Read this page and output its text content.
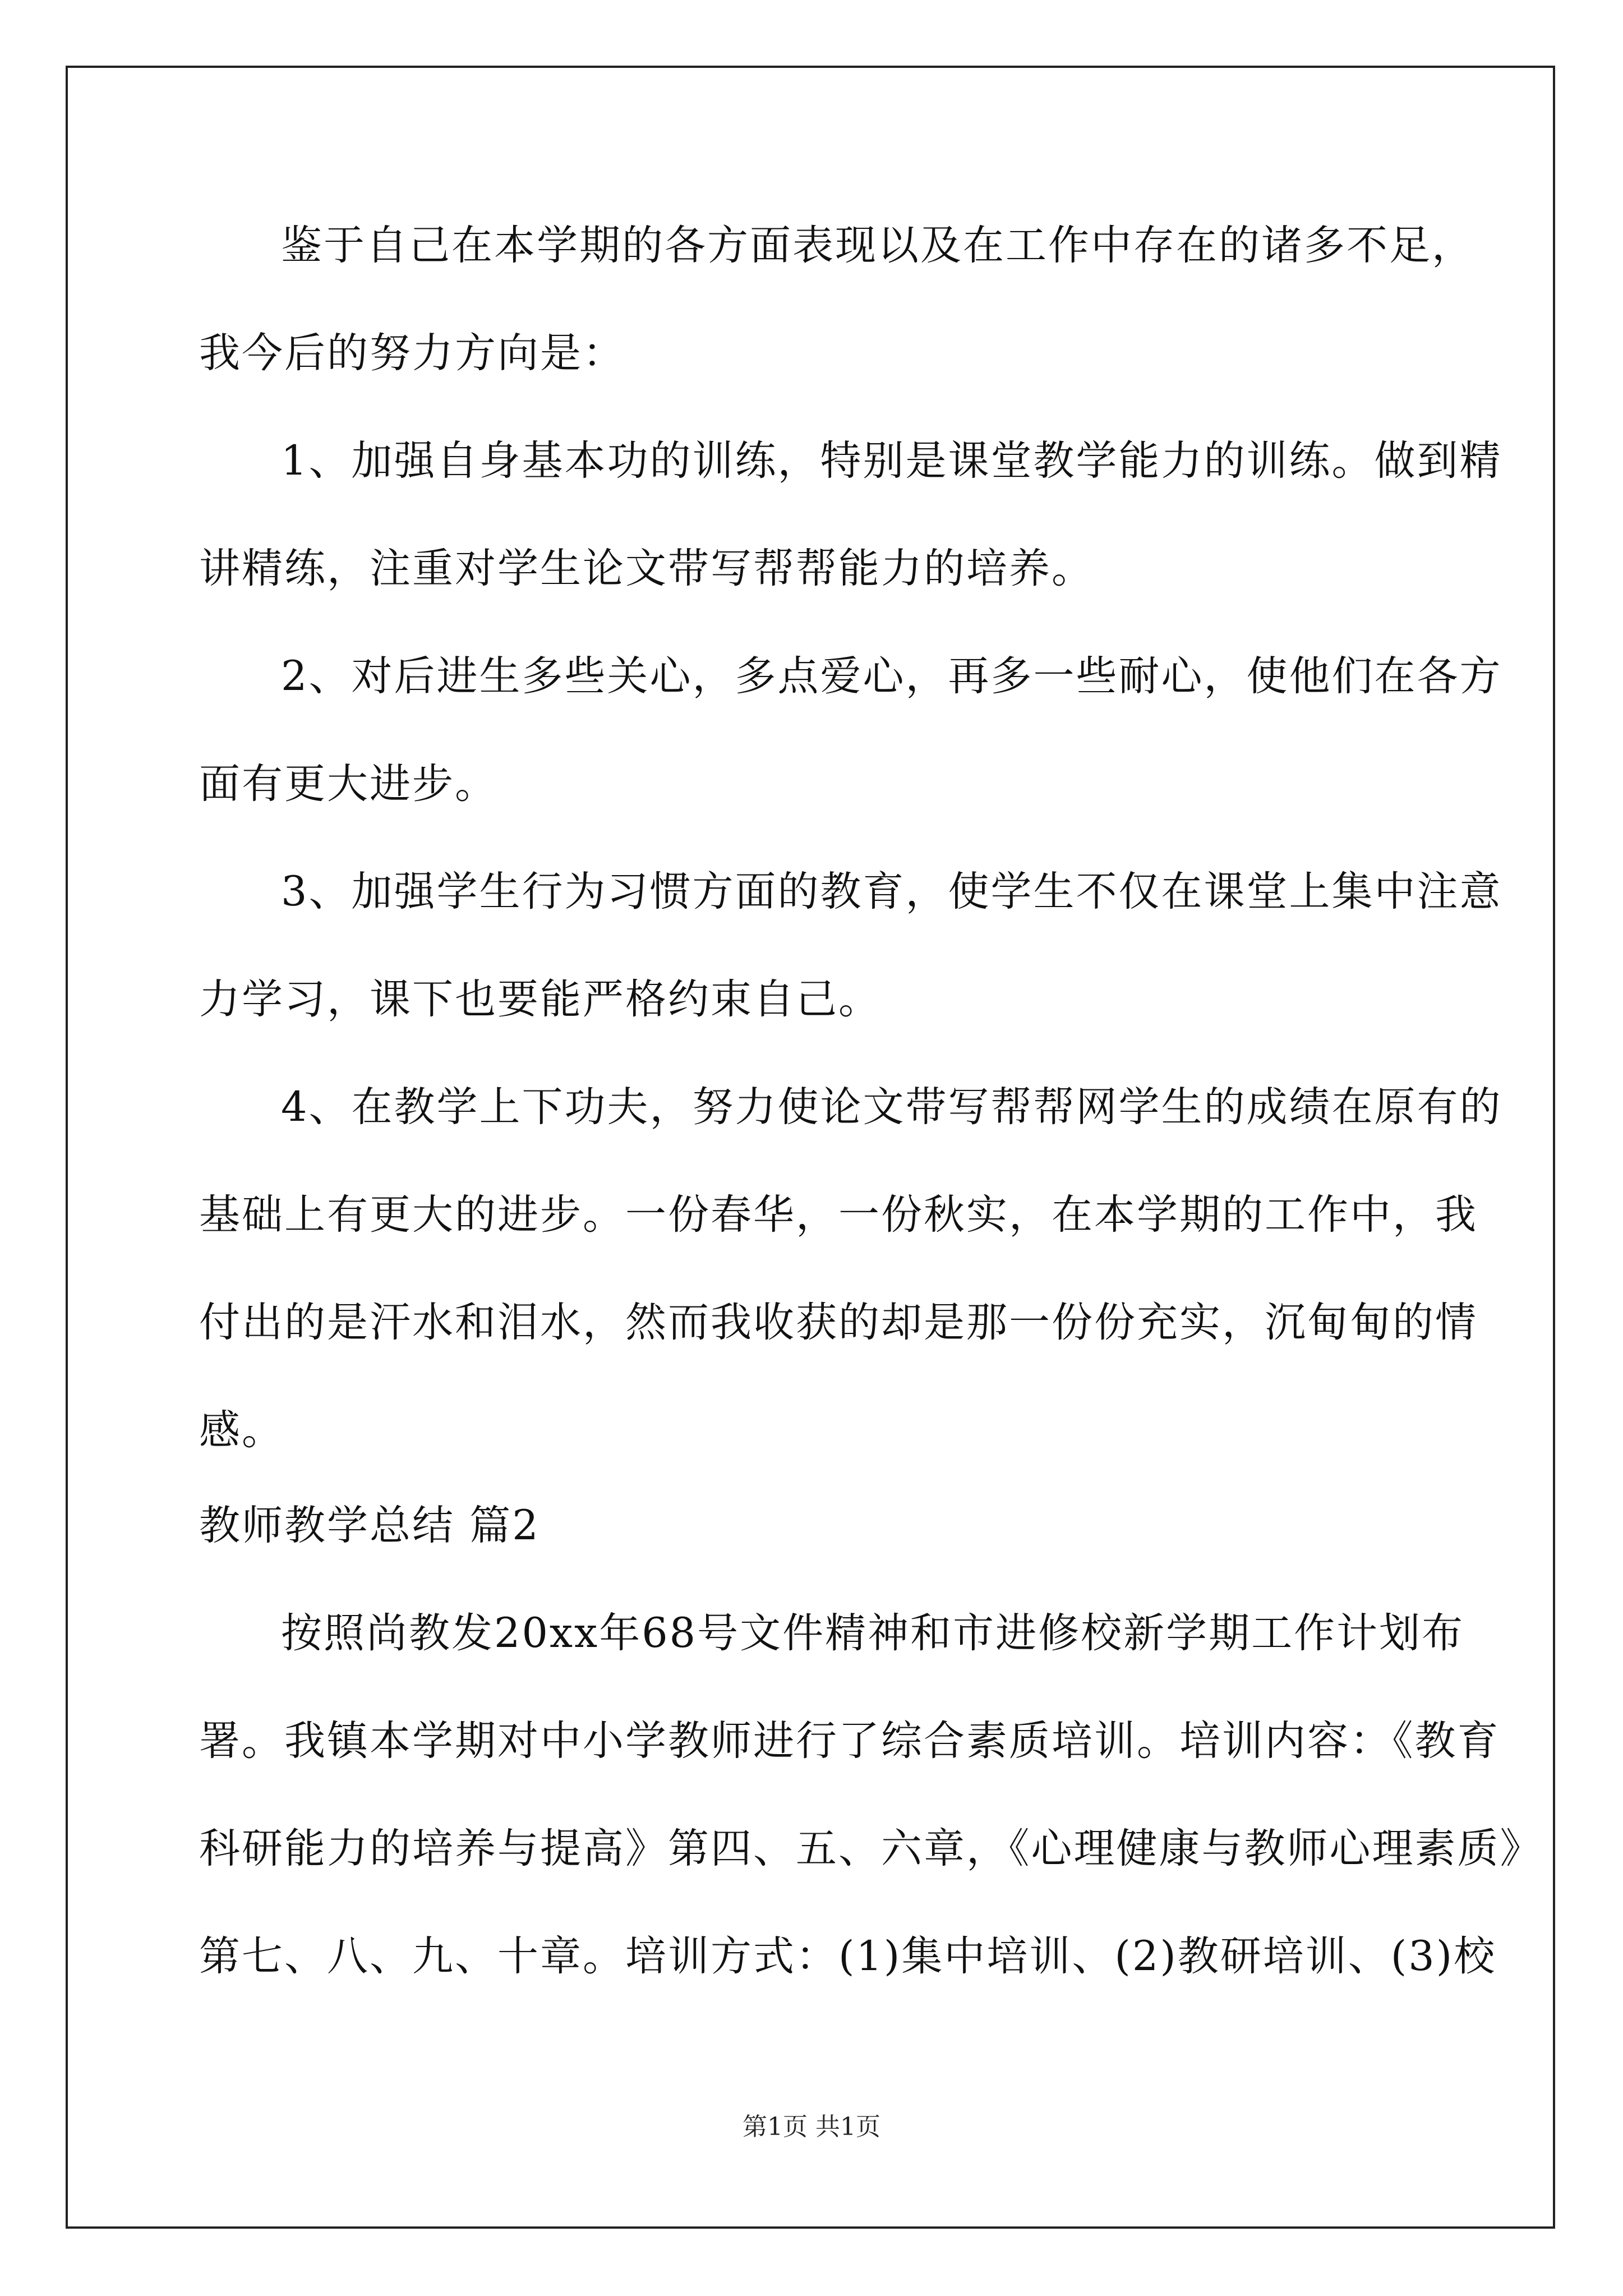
鉴于自己在本学期的各方面表现以及在工作中存在的诸多不足，
我今后的努力方向是：
1、加强自身基本功的训练，特别是课堂教学能力的训练。做到精
讲精练，注重对学生论文带写帮帮能力的培养。
2、对后进生多些关心，多点爱心，再多一些耐心，使他们在各方
面有更大进步。
3、加强学生行为习惯方面的教育，使学生不仅在课堂上集中注意
力学习，课下也要能严格约束自己。
4、在教学上下功夫，努力使论文带写帮帮网学生的成绩在原有的
基础上有更大的进步。一份春华，一份秋实，在本学期的工作中，我
付出的是汗水和泪水，然而我收获的却是那一份份充实，沉甸甸的情
感。
教师教学总结 篇2
按照尚教发20xx年68号文件精神和市进修校新学期工作计划布
署。我镇本学期对中小学教师进行了综合素质培训。培训内容：《教育
科研能力的培养与提高》第四、五、六章，《心理健康与教师心理素质》
第七、八、九、十章。培训方式：(1)集中培训、(2)教研培训、(3)校
第1页 共1页
